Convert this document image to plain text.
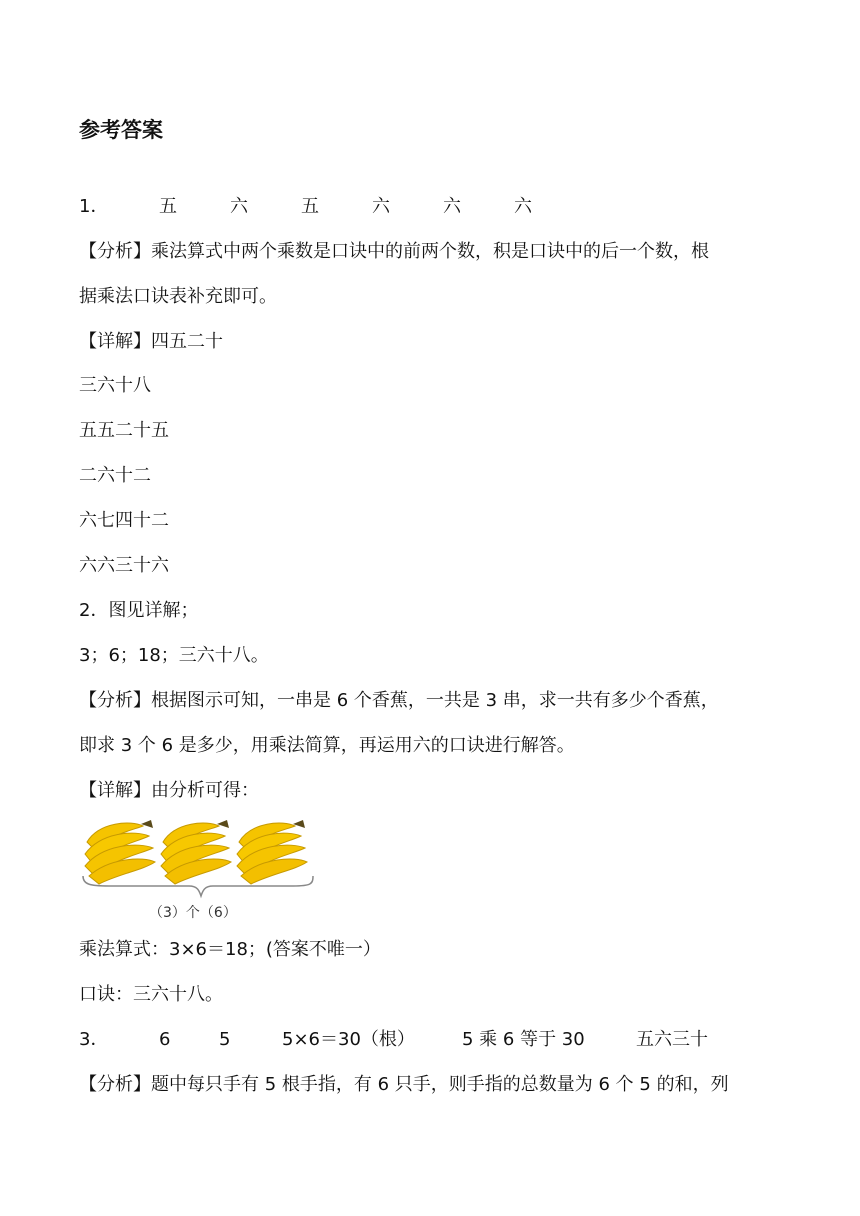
参考答案
1．	五	六	五	六	六	六
【分析】乘法算式中两个乘数是口诀中的前两个数，积是口诀中的后一个数，根
据乘法口诀表补充即可。
【详解】四五二十
三六十八
五五二十五
二六十二
六七四十二
六六三十六
2．图见详解；
3；6；18；三六十八。
【分析】根据图示可知，一串是 6 个香蕉，一共是 3 串，求一共有多少个香蕉，
即求 3 个 6 是多少，用乘法简算，再运用六的口诀进行解答。
【详解】由分析可得：
（3）个（6）
乘法算式：3×6＝18；(答案不唯一）
口诀：三六十八。
3．	6	5	5×6＝30（根）	5 乘 6 等于 30	五六三十
【分析】题中每只手有 5 根手指，有 6 只手，则手指的总数量为 6 个 5 的和，列
